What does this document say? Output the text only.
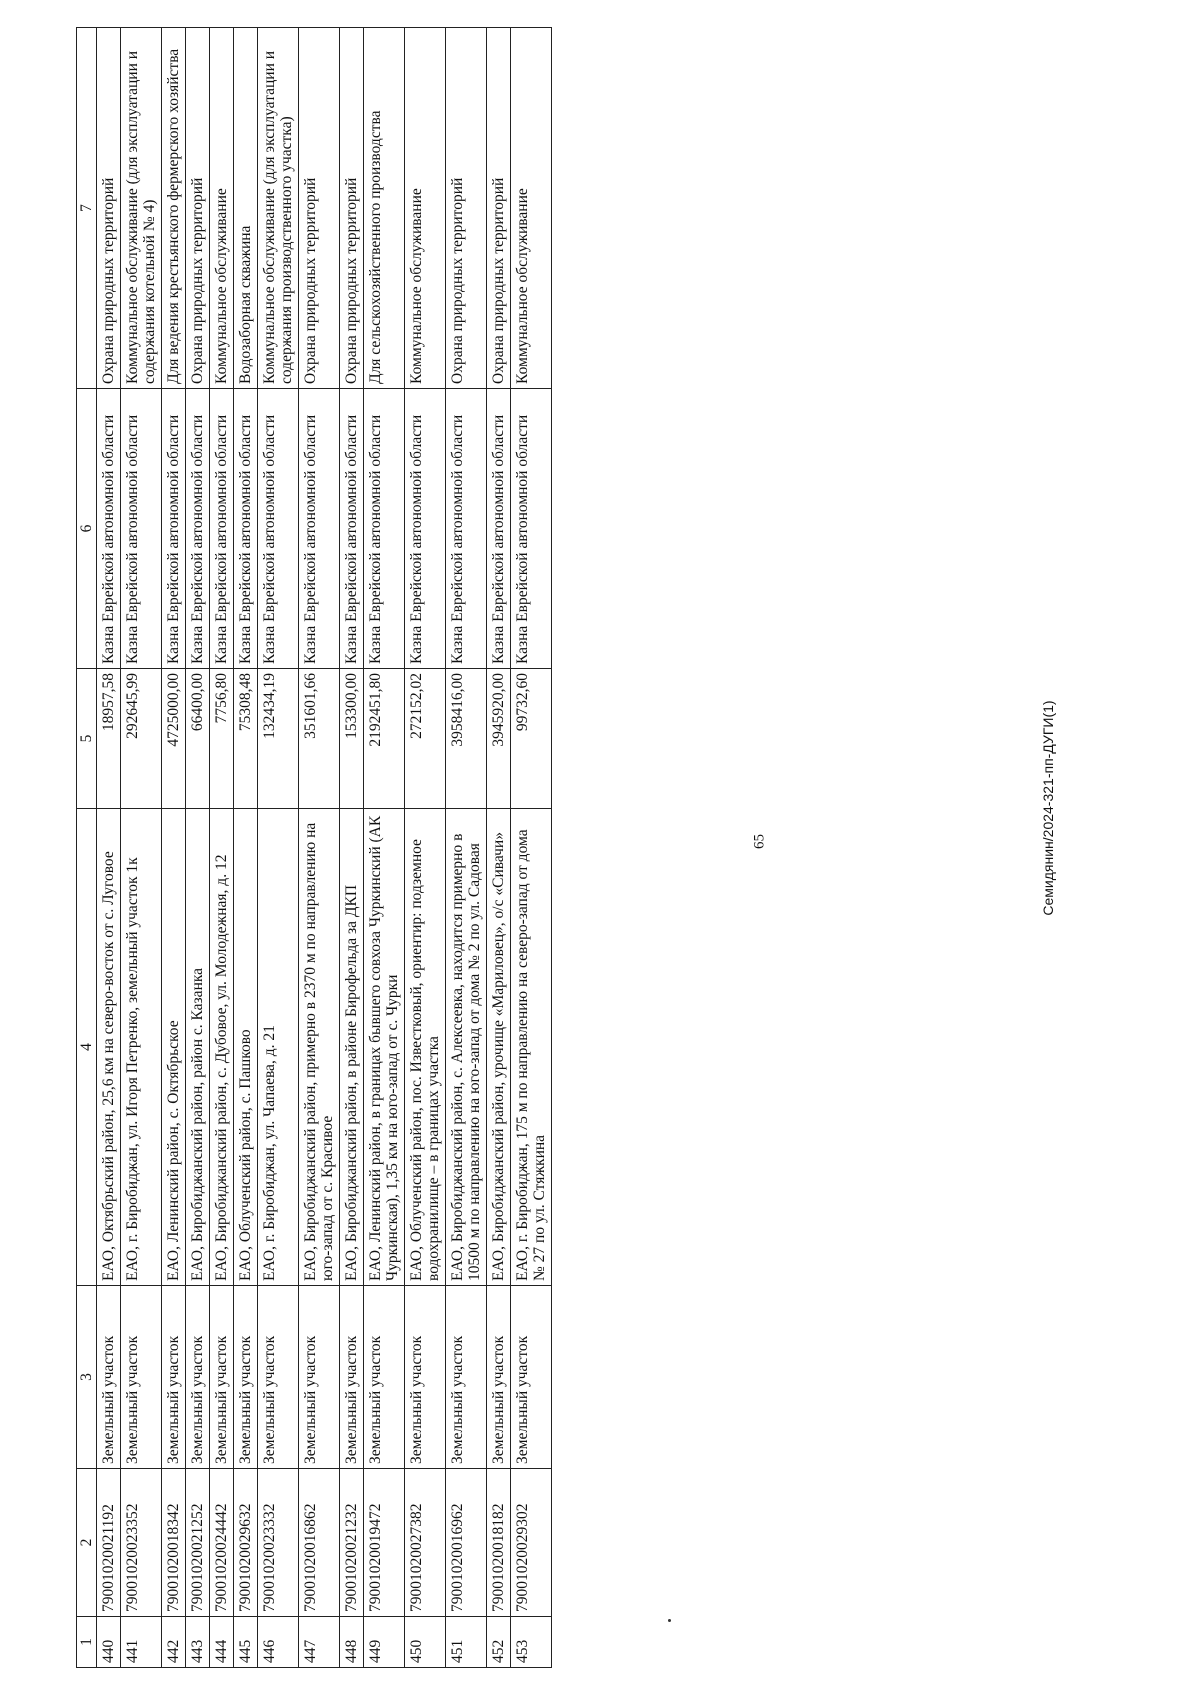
65
1	2	3	4	5	6	7
440	79001020021192	Земельный участок	ЕАО, Октябрьский район, 25,6 км на северо-восток от с. Луговое	18957,58	Казна Еврейской автономной области	Охрана природных территорий
441	79001020023352	Земельный участок	ЕАО, г. Биробиджан, ул. Игоря Петренко, земельный участок 1к	292645,99	Казна Еврейской автономной области	Коммунальное обслуживание (для эксплуатации и содержания котельной № 4)
442	79001020018342	Земельный участок	ЕАО, Ленинский район, с. Октябрьское	4725000,00	Казна Еврейской автономной области	Для ведения крестьянского фермерского хозяйства
443	79001020021252	Земельный участок	ЕАО, Биробиджанский район, район с. Казанка	66400,00	Казна Еврейской автономной области	Охрана природных территорий
444	79001020024442	Земельный участок	ЕАО, Биробиджанский район, с. Дубовое, ул. Молодежная, д. 12	7756,80	Казна Еврейской автономной области	Коммунальное обслуживание
445	79001020029632	Земельный участок	ЕАО, Облученский район, с. Пашково	75308,48	Казна Еврейской автономной области	Водозаборная скважина
446	79001020023332	Земельный участок	ЕАО, г. Биробиджан, ул. Чапаева, д. 21	132434,19	Казна Еврейской автономной области	Коммунальное обслуживание (для эксплуатации и содержания производственного участка)
447	79001020016862	Земельный участок	ЕАО, Биробиджанский район, примерно в 2370 м по направлению на юго-запад от с. Красивое	351601,66	Казна Еврейской автономной области	Охрана природных территорий
448	79001020021232	Земельный участок	ЕАО, Биробиджанский район, в районе Бирофельда за ДКП	153300,00	Казна Еврейской автономной области	Охрана природных территорий
449	79001020019472	Земельный участок	ЕАО, Ленинский район, в границах бывшего совхоза Чуркинский (АК Чуркинская), 1,35 км на юго-запад от с. Чурки	2192451,80	Казна Еврейской автономной области	Для сельскохозяйственного производства
450	79001020027382	Земельный участок	ЕАО, Облученский район, пос. Известковый, ориентир: подземное водохранилище – в границах участка	272152,02	Казна Еврейской автономной области	Коммунальное обслуживание
451	79001020016962	Земельный участок	ЕАО, Биробиджанский район, с. Алексеевка, находится примерно в 10500 м по направлению на юго-запад от дома № 2 по ул. Садовая	3958416,00	Казна Еврейской автономной области	Охрана природных территорий
452	79001020018182	Земельный участок	ЕАО, Биробиджанский район, урочище «Мариловец», о/с «Сивачи»	3945920,00	Казна Еврейской автономной области	Охрана природных территорий
453	79001020029302	Земельный участок	ЕАО, г. Биробиджан, 175 м по направлению на северо-запад от дома № 27 по ул. Стяжкина	99732,60	Казна Еврейской автономной области	Коммунальное обслуживание
Семидянин/2024-321-пп-ДУГИ(1)
